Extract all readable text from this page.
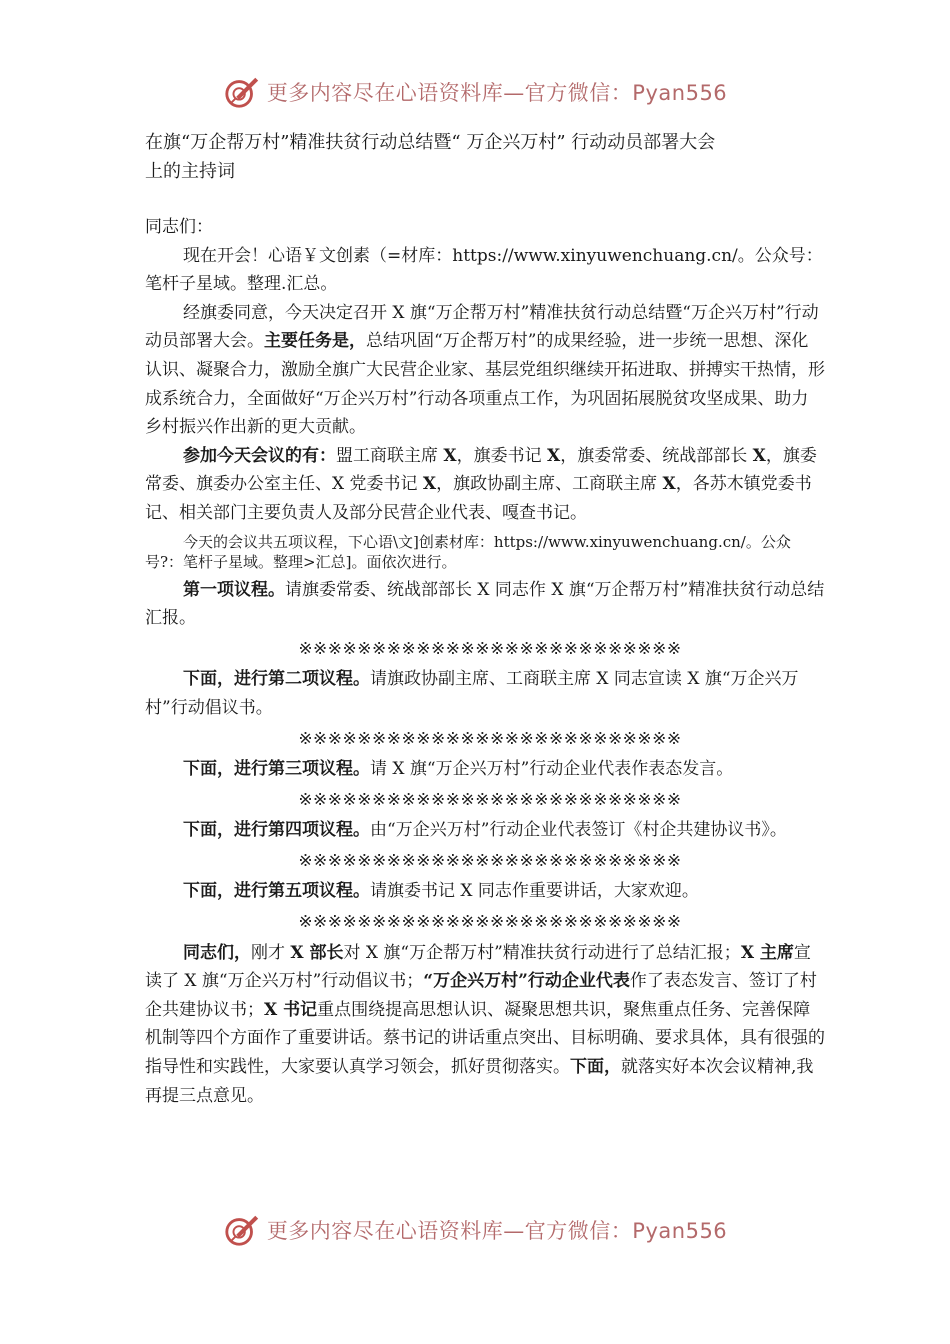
更多内容尽在心语资料库—官方微信：Pyan556

在旗“万企帮万村”精准扶贫行动总结暨“ 万企兴万村” 行动动员部署大会
上的主持词

同志们：

现在开会！心语￥文创素（=材库：https://www.xinyuwenchuang.cn/。公众号：笔杆子星域。整理.汇总。

经旗委同意，今天决定召开 X 旗“万企帮万村”精准扶贫行动总结暨“万企兴万村”行动动员部署大会。主要任务是，总结巩固“万企帮万村”的成果经验，进一步统一思想、深化认识、凝聚合力，激励全旗广大民营企业家、基层党组织继续开拓进取、拼搏实干热情，形成系统合力，全面做好“万企兴万村”行动各项重点工作，为巩固拓展脱贫攻坚成果、助力乡村振兴作出新的更大贡献。

参加今天会议的有：盟工商联主席 X，旗委书记 X，旗委常委、统战部部长 X，旗委常委、旗委办公室主任、X 党委书记 X，旗政协副主席、工商联主席 X，各苏木镇党委书记、相关部门主要负责人及部分民营企业代表、嘎查书记。

今天的会议共五项议程，下心语\文]创素材库：https://www.xinyuwenchuang.cn/。公众号?：笔杆子星域。整理>汇总]。面依次进行。

第一项议程。请旗委常委、统战部部长 X 同志作 X 旗“万企帮万村”精准扶贫行动总结汇报。

※※※※※※※※※※※※※※※※※※※※※※※※※※

下面，进行第二项议程。请旗政协副主席、工商联主席 X 同志宣读 X 旗“万企兴万村”行动倡议书。

※※※※※※※※※※※※※※※※※※※※※※※※※※

下面，进行第三项议程。请 X 旗“万企兴万村”行动企业代表作表态发言。

※※※※※※※※※※※※※※※※※※※※※※※※※※

下面，进行第四项议程。由“万企兴万村”行动企业代表签订《村企共建协议书》。

※※※※※※※※※※※※※※※※※※※※※※※※※※

下面，进行第五项议程。请旗委书记 X 同志作重要讲话，大家欢迎。

※※※※※※※※※※※※※※※※※※※※※※※※※※

同志们，刚才 X 部长对 X 旗“万企帮万村”精准扶贫行动进行了总结汇报；X 主席宣读了 X 旗“万企兴万村”行动倡议书；“万企兴万村”行动企业代表作了表态发言、签订了村企共建协议书；X 书记重点围绕提高思想认识、凝聚思想共识，聚焦重点任务、完善保障机制等四个方面作了重要讲话。蔡书记的讲话重点突出、目标明确、要求具体，具有很强的指导性和实践性，大家要认真学习领会，抓好贯彻落实。下面，就落实好本次会议精神,我再提三点意见。

更多内容尽在心语资料库—官方微信：Pyan556
